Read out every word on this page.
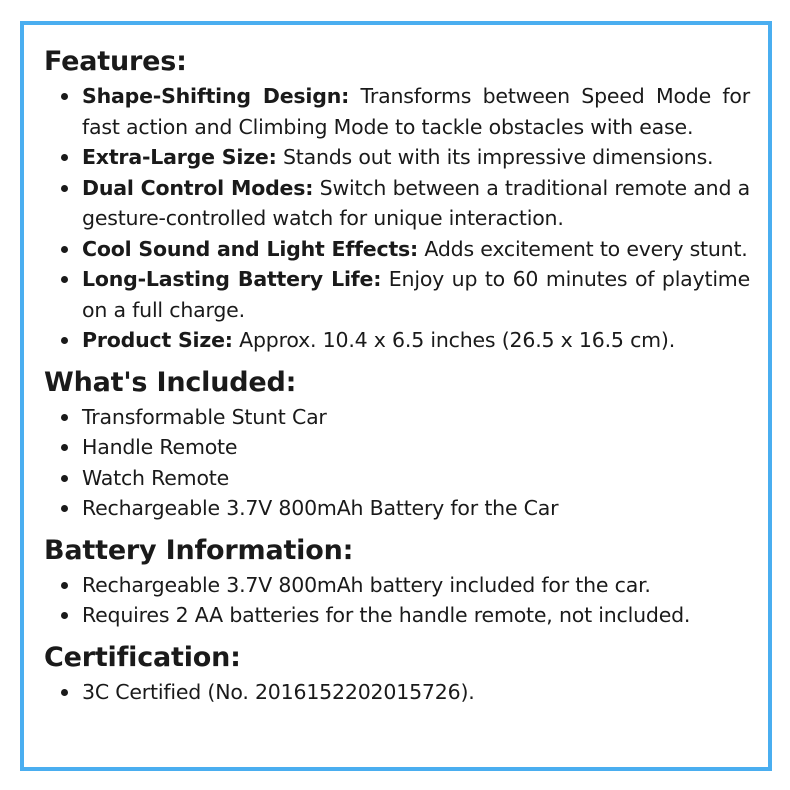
Features:
Shape-Shifting Design: Transforms between Speed Mode for fast action and Climbing Mode to tackle obstacles with ease.
Extra-Large Size: Stands out with its impressive dimensions.
Dual Control Modes: Switch between a traditional remote and a gesture-controlled watch for unique interaction.
Cool Sound and Light Effects: Adds excitement to every stunt.
Long-Lasting Battery Life: Enjoy up to 60 minutes of playtime on a full charge.
Product Size: Approx. 10.4 x 6.5 inches (26.5 x 16.5 cm).
What's Included:
Transformable Stunt Car
Handle Remote
Watch Remote
Rechargeable 3.7V 800mAh Battery for the Car
Battery Information:
Rechargeable 3.7V 800mAh battery included for the car.
Requires 2 AA batteries for the handle remote, not included.
Certification:
3C Certified (No. 2016152202015726).
